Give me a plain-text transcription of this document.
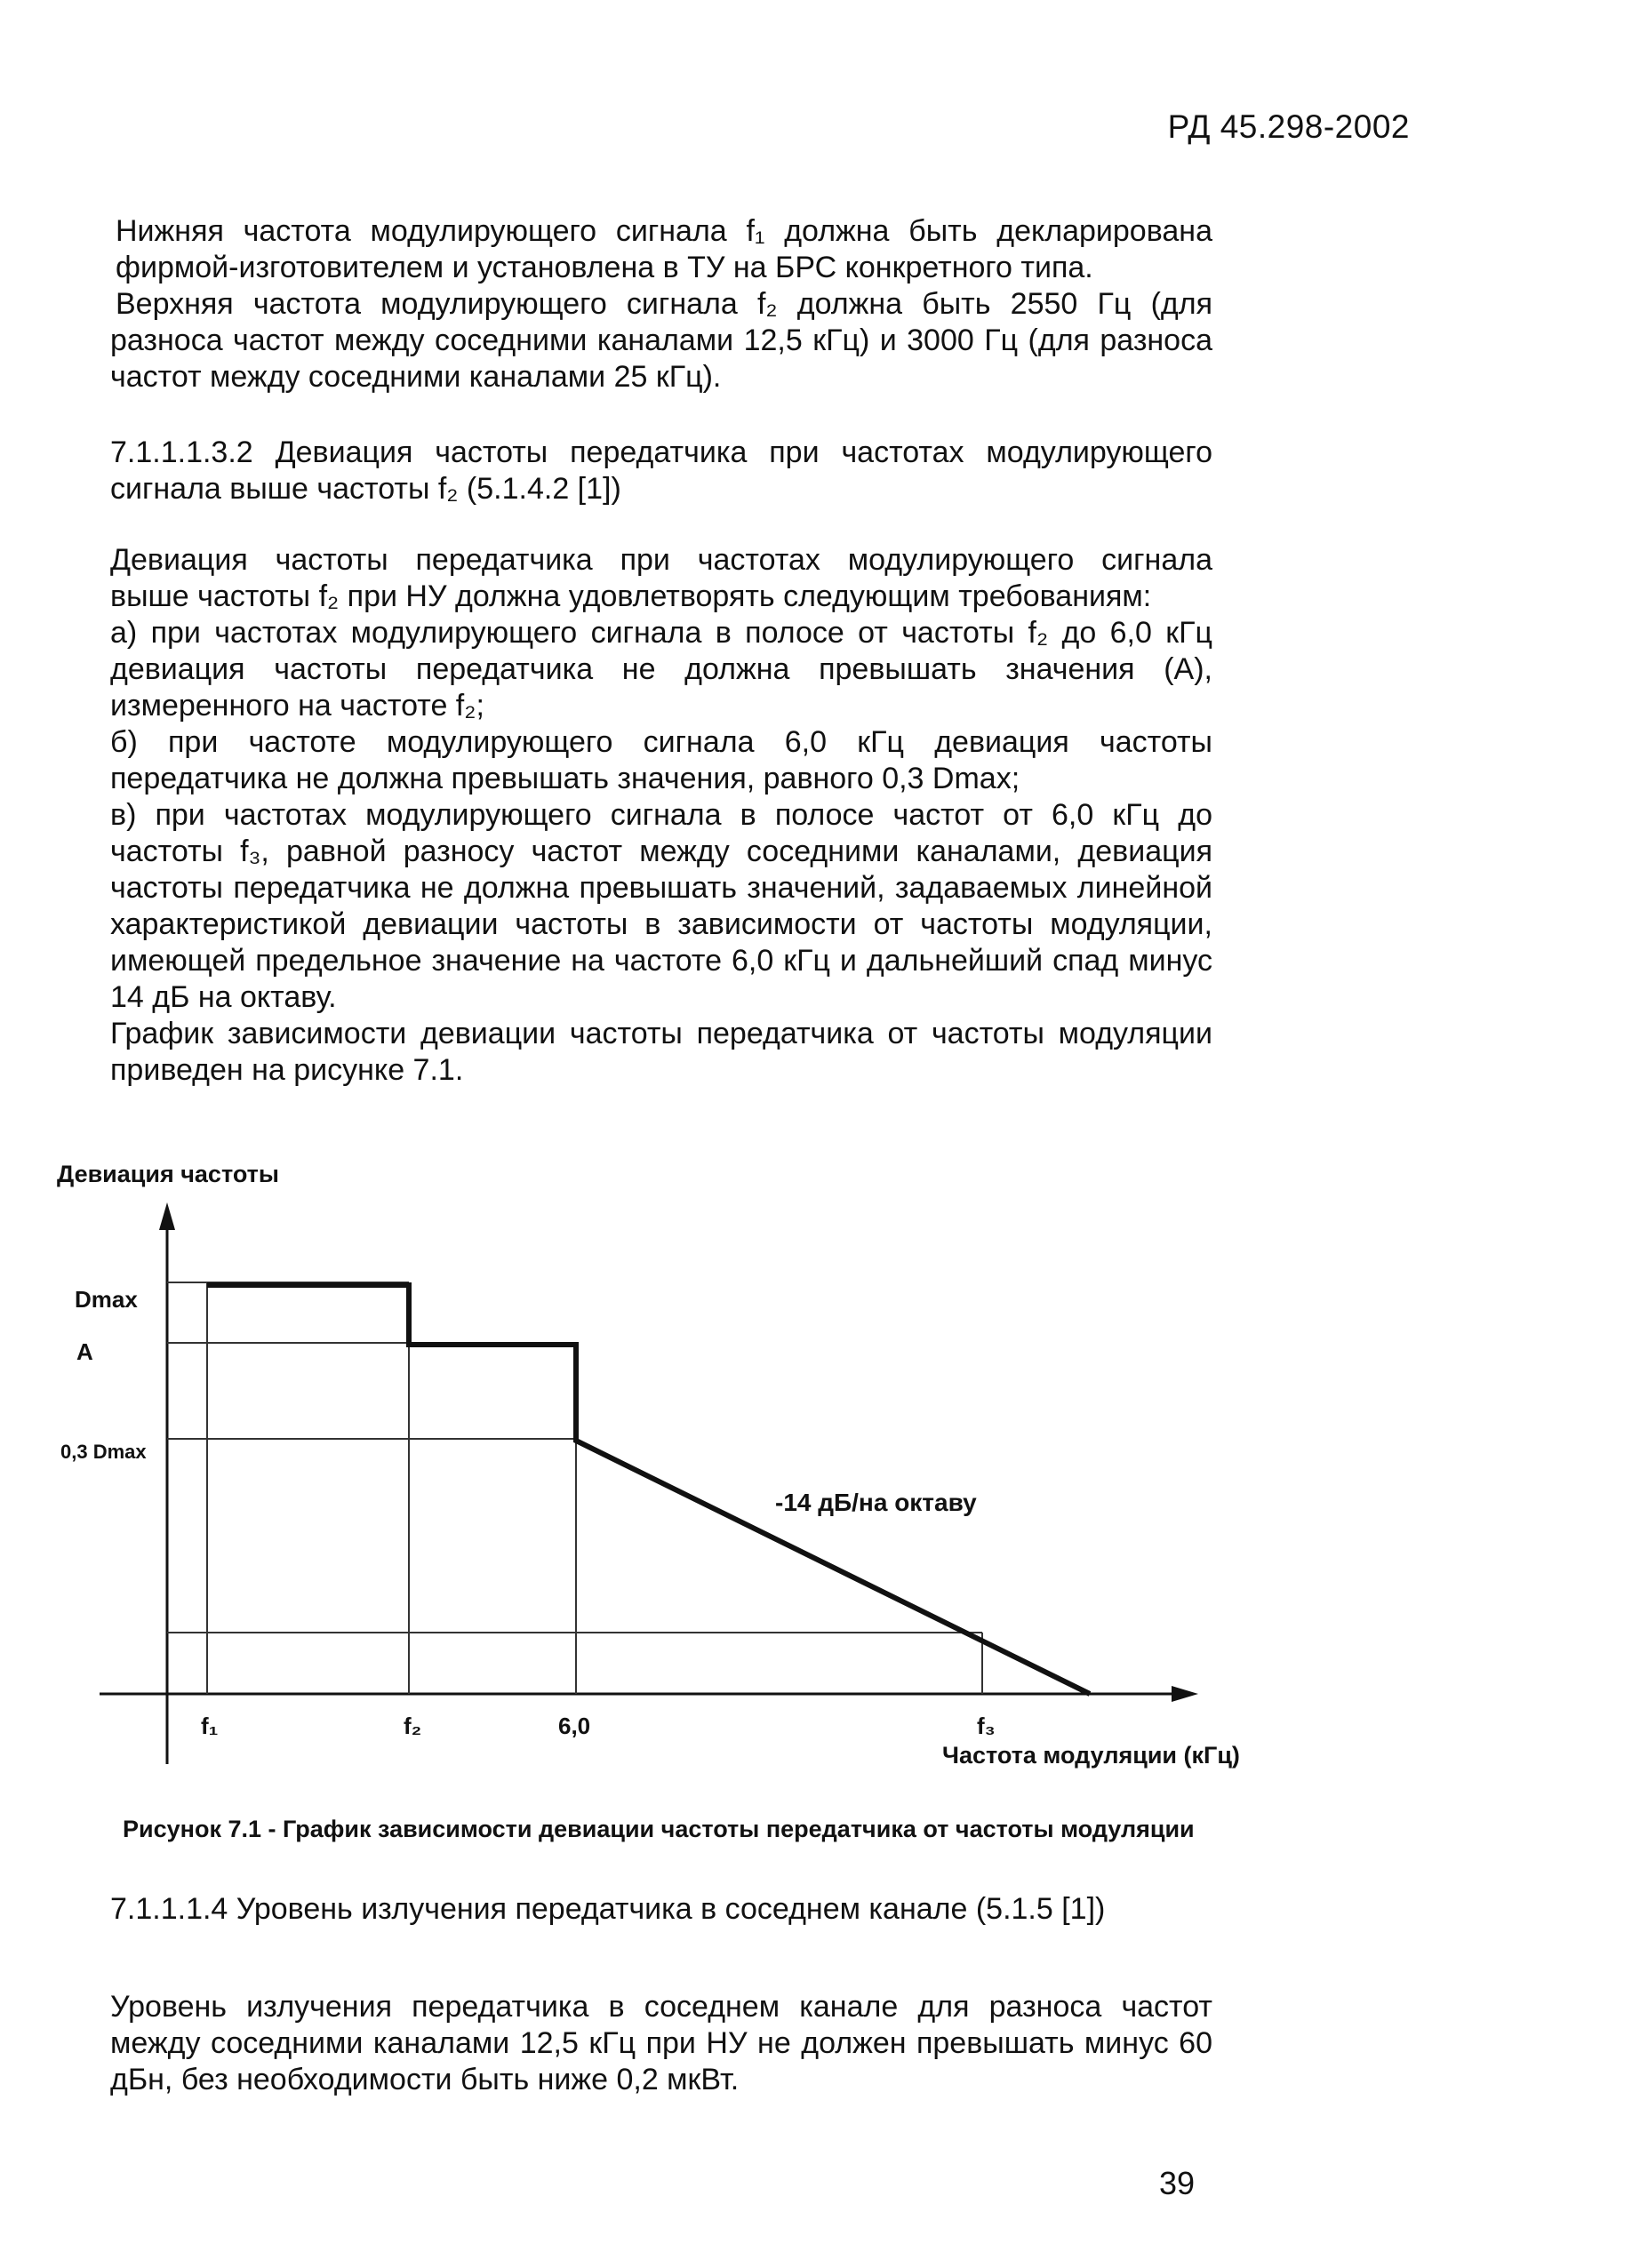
РД 45.298-2002
Нижняя частота модулирующего сигнала f₁ должна быть декларирована
фирмой-изготовителем и установлена в ТУ на БРС конкретного типа.
Верхняя частота модулирующего сигнала f₂ должна быть 2550 Гц (для
разноса частот между соседними каналами 12,5 кГц) и 3000 Гц (для разноса
частот между соседними каналами 25 кГц).
7.1.1.1.3.2 Девиация частоты передатчика при частотах модулирующего
сигнала выше частоты f₂ (5.1.4.2 [1])
Девиация частоты передатчика при частотах модулирующего сигнала
выше частоты f₂ при НУ должна удовлетворять следующим требованиям:
а) при частотах модулирующего сигнала в полосе от частоты f₂ до 6,0 кГц
девиация частоты передатчика не должна превышать значения (А),
измеренного на частоте f₂;
б) при частоте модулирующего сигнала 6,0 кГц девиация частоты
передатчика не должна превышать значения, равного 0,3 Dmax;
в) при частотах модулирующего сигнала в полосе частот от 6,0 кГц до
частоты f₃, равной разносу частот между соседними каналами, девиация
частоты передатчика не должна превышать значений, задаваемых линейной
характеристикой девиации частоты в зависимости от частоты модуляции,
имеющей предельное значение на частоте 6,0 кГц и дальнейший спад минус
14 дБ на октаву.
График зависимости девиации частоты передатчика от частоты модуляции
приведен на рисунке 7.1.
Dmax
A
0,3 Dmax
f₁	f₂	6,0	f₃
Девиация частоты
Частота модуляции (кГц)
-14 дБ/на октаву
Рисунок 7.1 - График зависимости девиации частоты передатчика от частоты модуляции
7.1.1.1.4 Уровень излучения передатчика в соседнем канале (5.1.5 [1])
Уровень излучения передатчика в соседнем канале для разноса частот
между соседними каналами 12,5 кГц при НУ не должен превышать минус 60
дБн, без необходимости быть ниже 0,2 мкВт.
39
